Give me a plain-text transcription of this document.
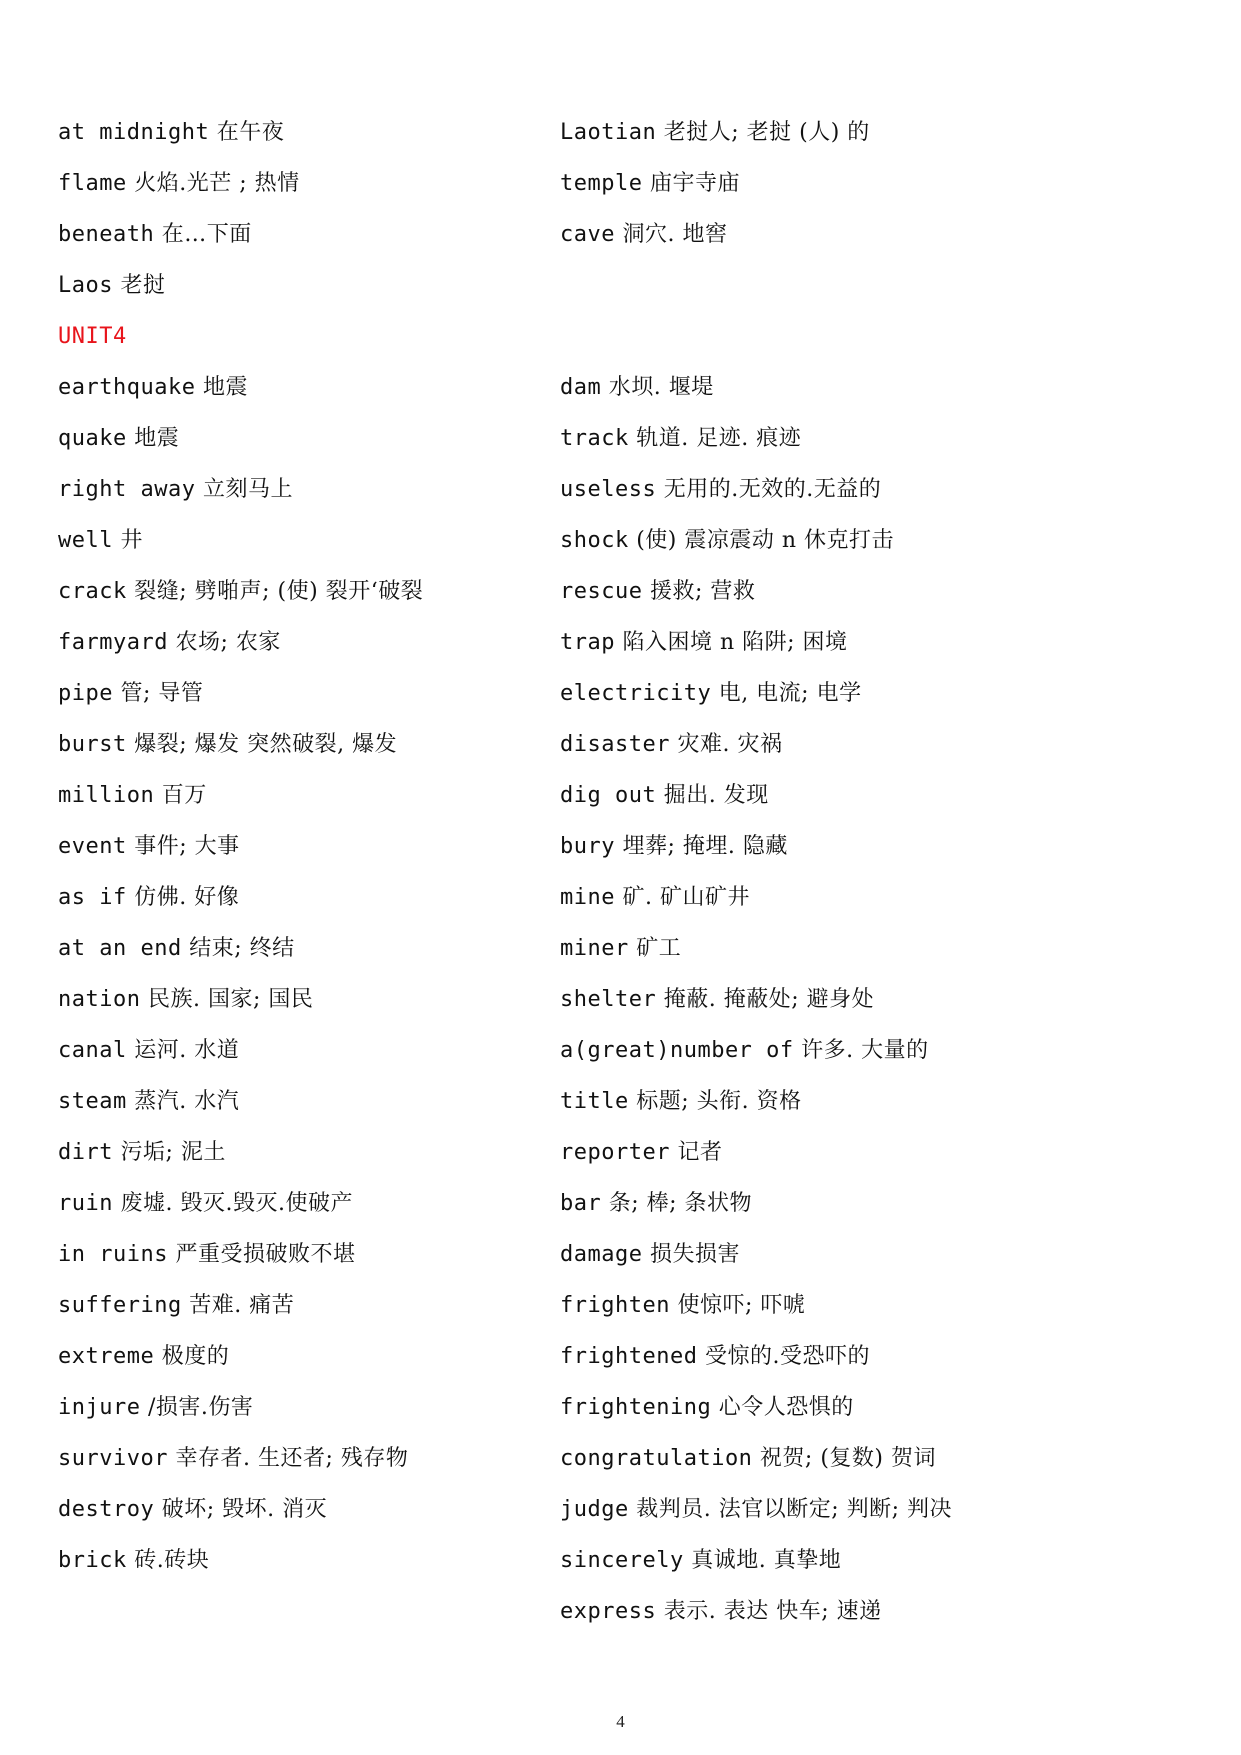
at midnight 在午夜
flame 火焰.光芒 ; 热情
beneath 在…下面
Laos 老挝
UNIT4
earthquake 地震
quake 地震
right away 立刻马上
well 井
crack 裂缝; 劈啪声; (使) 裂开‘破裂
farmyard 农场; 农家
pipe 管; 导管
burst 爆裂; 爆发 突然破裂, 爆发
million 百万
event 事件; 大事
as if 仿佛. 好像
at an end 结束; 终结
nation 民族. 国家; 国民
canal 运河. 水道
steam 蒸汽. 水汽
dirt 污垢; 泥土
ruin 废墟. 毁灭.毁灭.使破产
in ruins 严重受损破败不堪
suffering 苦难. 痛苦
extreme 极度的
injure /损害.伤害
survivor 幸存者. 生还者; 残存物
destroy 破坏; 毁坏. 消灭
brick 砖.砖块
Laotian 老挝人; 老挝 (人) 的
temple 庙宇寺庙
cave 洞穴. 地窖
dam 水坝. 堰堤
track 轨道. 足迹. 痕迹
useless 无用的.无效的.无益的
shock (使) 震凉震动 n 休克打击
rescue 援救; 营救
trap 陷入困境 n 陷阱; 困境
electricity 电, 电流; 电学
disaster 灾难. 灾祸
dig out 掘出. 发现
bury 埋葬; 掩埋. 隐藏
mine 矿. 矿山矿井
miner 矿工
shelter 掩蔽. 掩蔽处; 避身处
a(great)number of 许多. 大量的
title 标题; 头衔. 资格
reporter 记者
bar 条; 棒; 条状物
damage 损失损害
frighten 使惊吓; 吓唬
frightened 受惊的.受恐吓的
frightening 心令人恐惧的
congratulation 祝贺; (复数) 贺词
judge 裁判员. 法官以断定; 判断; 判决
sincerely 真诚地. 真挚地
express 表示. 表达 快车; 速递
4
